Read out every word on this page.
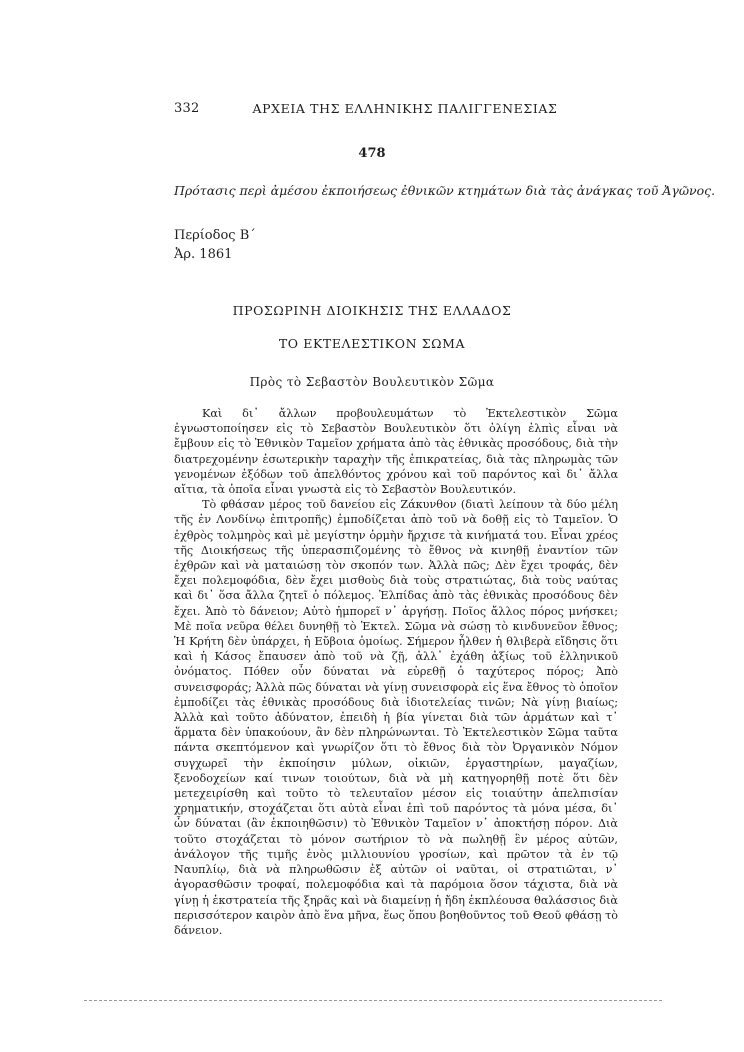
332	ΑΡΧΕΙΑ ΤΗΣ ΕΛΛΗΝΙΚΗΣ ΠΑΛΙΓΓΕΝΕΣΙΑΣ
478
Πρότασις περὶ ἀμέσου ἐκποιήσεως ἐθνικῶν κτημάτων διὰ τὰς ἀνάγκας τοῦ Ἀγῶνος.
Περίοδος Β΄
Ἀρ. 1861
ΠΡΟΣΩΡΙΝΗ ΔΙΟΙΚΗΣΙΣ ΤΗΣ ΕΛΛΑΔΟΣ
ΤΟ ΕΚΤΕΛΕΣΤΙΚΟΝ ΣΩΜΑ
Πρὸς τὸ Σεβαστὸν Βουλευτικὸν Σῶμα

Καὶ δι᾿ ἄλλων προβουλευμάτων τὸ Ἐκτελεστικὸν Σῶμα ἐγνωστοποίησεν εἰς τὸ Σεβαστὸν Βουλευτικὸν ὅτι ὀλίγη ἐλπὶς εἶναι νὰ ἔμβουν εἰς τὸ Ἐθνικὸν Ταμεῖον χρήματα ἀπὸ τὰς ἐθνικὰς προσόδους, διὰ τὴν διατρεχομένην ἐσωτερικὴν ταραχὴν τῆς ἐπικρατείας, διὰ τὰς πληρωμὰς τῶν γενομένων ἐξόδων τοῦ ἀπελθόντος χρόνου καὶ τοῦ παρόντος καὶ δι᾿ ἄλλα αἴτια, τὰ ὁποῖα εἶναι γνωστὰ εἰς τὸ Σεβαστὸν Βουλευτικόν.

Τὸ φθάσαν μέρος τοῦ δανείου εἰς Ζάκυνθον (διατὶ λείπουν τὰ δύο μέλη τῆς ἐν Λονδίνῳ ἐπιτροπῆς) ἐμποδίζεται ἀπὸ τοῦ νὰ δοθῇ εἰς τὸ Ταμεῖον. Ὁ ἐχθρὸς τολμηρὸς καὶ μὲ μεγίστην ὁρμὴν ἤρχισε τὰ κινήματά του. Εἶναι χρέος τῆς Διοικήσεως τῆς ὑπερασπιζομένης τὸ ἔθνος νὰ κινηθῇ ἐναντίον τῶν ἐχθρῶν καὶ νὰ ματαιώσῃ τὸν σκοπόν των. Ἀλλὰ πῶς; Δὲν ἔχει τροφάς, δὲν ἔχει πολεμοφόδια, δὲν ἔχει μισθοὺς διὰ τοὺς στρατιώτας, διὰ τοὺς ναύτας καὶ δι᾿ ὅσα ἄλλα ζητεῖ ὁ πόλεμος. Ἐλπίδας ἀπὸ τὰς ἐθνικὰς προσόδους δὲν ἔχει. Ἀπὸ τὸ δάνειον; Αὐτὸ ἠμπορεῖ ν᾿ ἀργήσῃ. Ποῖος ἄλλος πόρος μνήσκει; Μὲ ποῖα νεῦρα θέλει δυνηθῇ τὸ Ἐκτελ. Σῶμα νὰ σώσῃ τὸ κινδυνεῦον ἔθνος; Ἡ Κρήτη δὲν ὑπάρχει, ἡ Εὔβοια ὁμοίως. Σήμερον ἦλθεν ἡ θλιβερὰ εἴδησις ὅτι καὶ ἡ Κάσος ἔπαυσεν ἀπὸ τοῦ νὰ ζῇ, ἀλλ᾿ ἐχάθη ἀξίως τοῦ ἑλληνικοῦ ὀνόματος. Πόθεν οὖν δύναται νὰ εὑρεθῇ ὁ ταχύτερος πόρος; Ἀπὸ συνεισφοράς; Ἀλλὰ πῶς δύναται νὰ γίνῃ συνεισφορὰ εἰς ἕνα ἔθνος τὸ ὁποῖον ἐμποδίζει τὰς ἐθνικὰς προσόδους διὰ ἰδιοτελείας τινῶν; Νὰ γίνῃ βιαίως; Ἀλλὰ καὶ τοῦτο ἀδύνατον, ἐπειδὴ ἡ βία γίνεται διὰ τῶν ἁρμάτων καὶ τ᾿ ἅρματα δὲν ὑπακούουν, ἂν δὲν πληρώνωνται. Τὸ Ἐκτελεστικὸν Σῶμα ταῦτα πάντα σκεπτόμενον καὶ γνωρίζον ὅτι τὸ ἔθνος διὰ τὸν Ὀργανικὸν Νόμον συγχωρεῖ τὴν ἐκποίησιν μύλων, οἰκιῶν, ἐργαστηρίων, μαγαζίων, ξενοδοχείων καί τινων τοιούτων, διὰ νὰ μὴ κατηγορηθῇ ποτὲ ὅτι δὲν μετεχειρίσθη καὶ τοῦτο τὸ τελευταῖον μέσον εἰς τοιαύτην ἀπελπισίαν χρηματικήν, στοχάζεται ὅτι αὐτὰ εἶναι ἐπὶ τοῦ παρόντος τὰ μόνα μέσα, δι᾿ ὧν δύναται (ἂν ἐκποιηθῶσιν) τὸ Ἐθνικὸν Ταμεῖον ν᾿ ἀποκτήσῃ πόρον. Διὰ τοῦτο στοχάζεται τὸ μόνον σωτήριον τὸ νὰ πωληθῇ ἓν μέρος αὐτῶν, ἀνάλογον τῆς τιμῆς ἑνὸς μιλλιουνίου γροσίων, καὶ πρῶτον τὰ ἐν τῷ Ναυπλίῳ, διὰ νὰ πληρωθῶσιν ἐξ αὐτῶν οἱ ναῦται, οἱ στρατιῶται, ν᾿ ἀγορασθῶσιν τροφαί, πολεμοφόδια καὶ τὰ παρόμοια ὅσον τάχιστα, διὰ νὰ γίνῃ ἡ ἐκστρατεία τῆς ξηρᾶς καὶ νὰ διαμείνῃ ἡ ἤδη ἐκπλέουσα θαλάσσιος διὰ περισσότερον καιρὸν ἀπὸ ἕνα μῆνα, ἕως ὅπου βοηθοῦντος τοῦ Θεοῦ φθάσῃ τὸ δάνειον.
